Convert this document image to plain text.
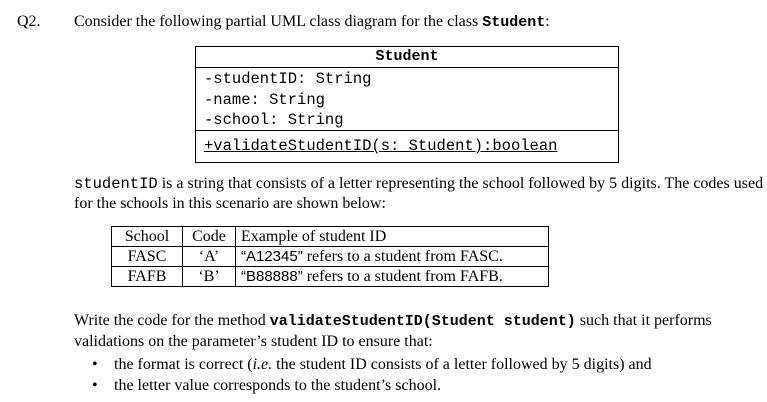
Q2. Consider the following partial UML class diagram for the class Student:
Student
-studentID: String
-name: String
-school: String
+validateStudentID(s: Student):boolean
studentID is a string that consists of a letter representing the school followed by 5 digits. The codes used for the schools in this scenario are shown below:
School	Code	Example of student ID
FASC	‘A’	“A12345” refers to a student from FASC.
FAFB	‘B’	“B88888” refers to a student from FAFB.
Write the code for the method validateStudentID(Student student) such that it performs validations on the parameter’s student ID to ensure that:
• the format is correct (i.e. the student ID consists of a letter followed by 5 digits) and
• the letter value corresponds to the student’s school.
